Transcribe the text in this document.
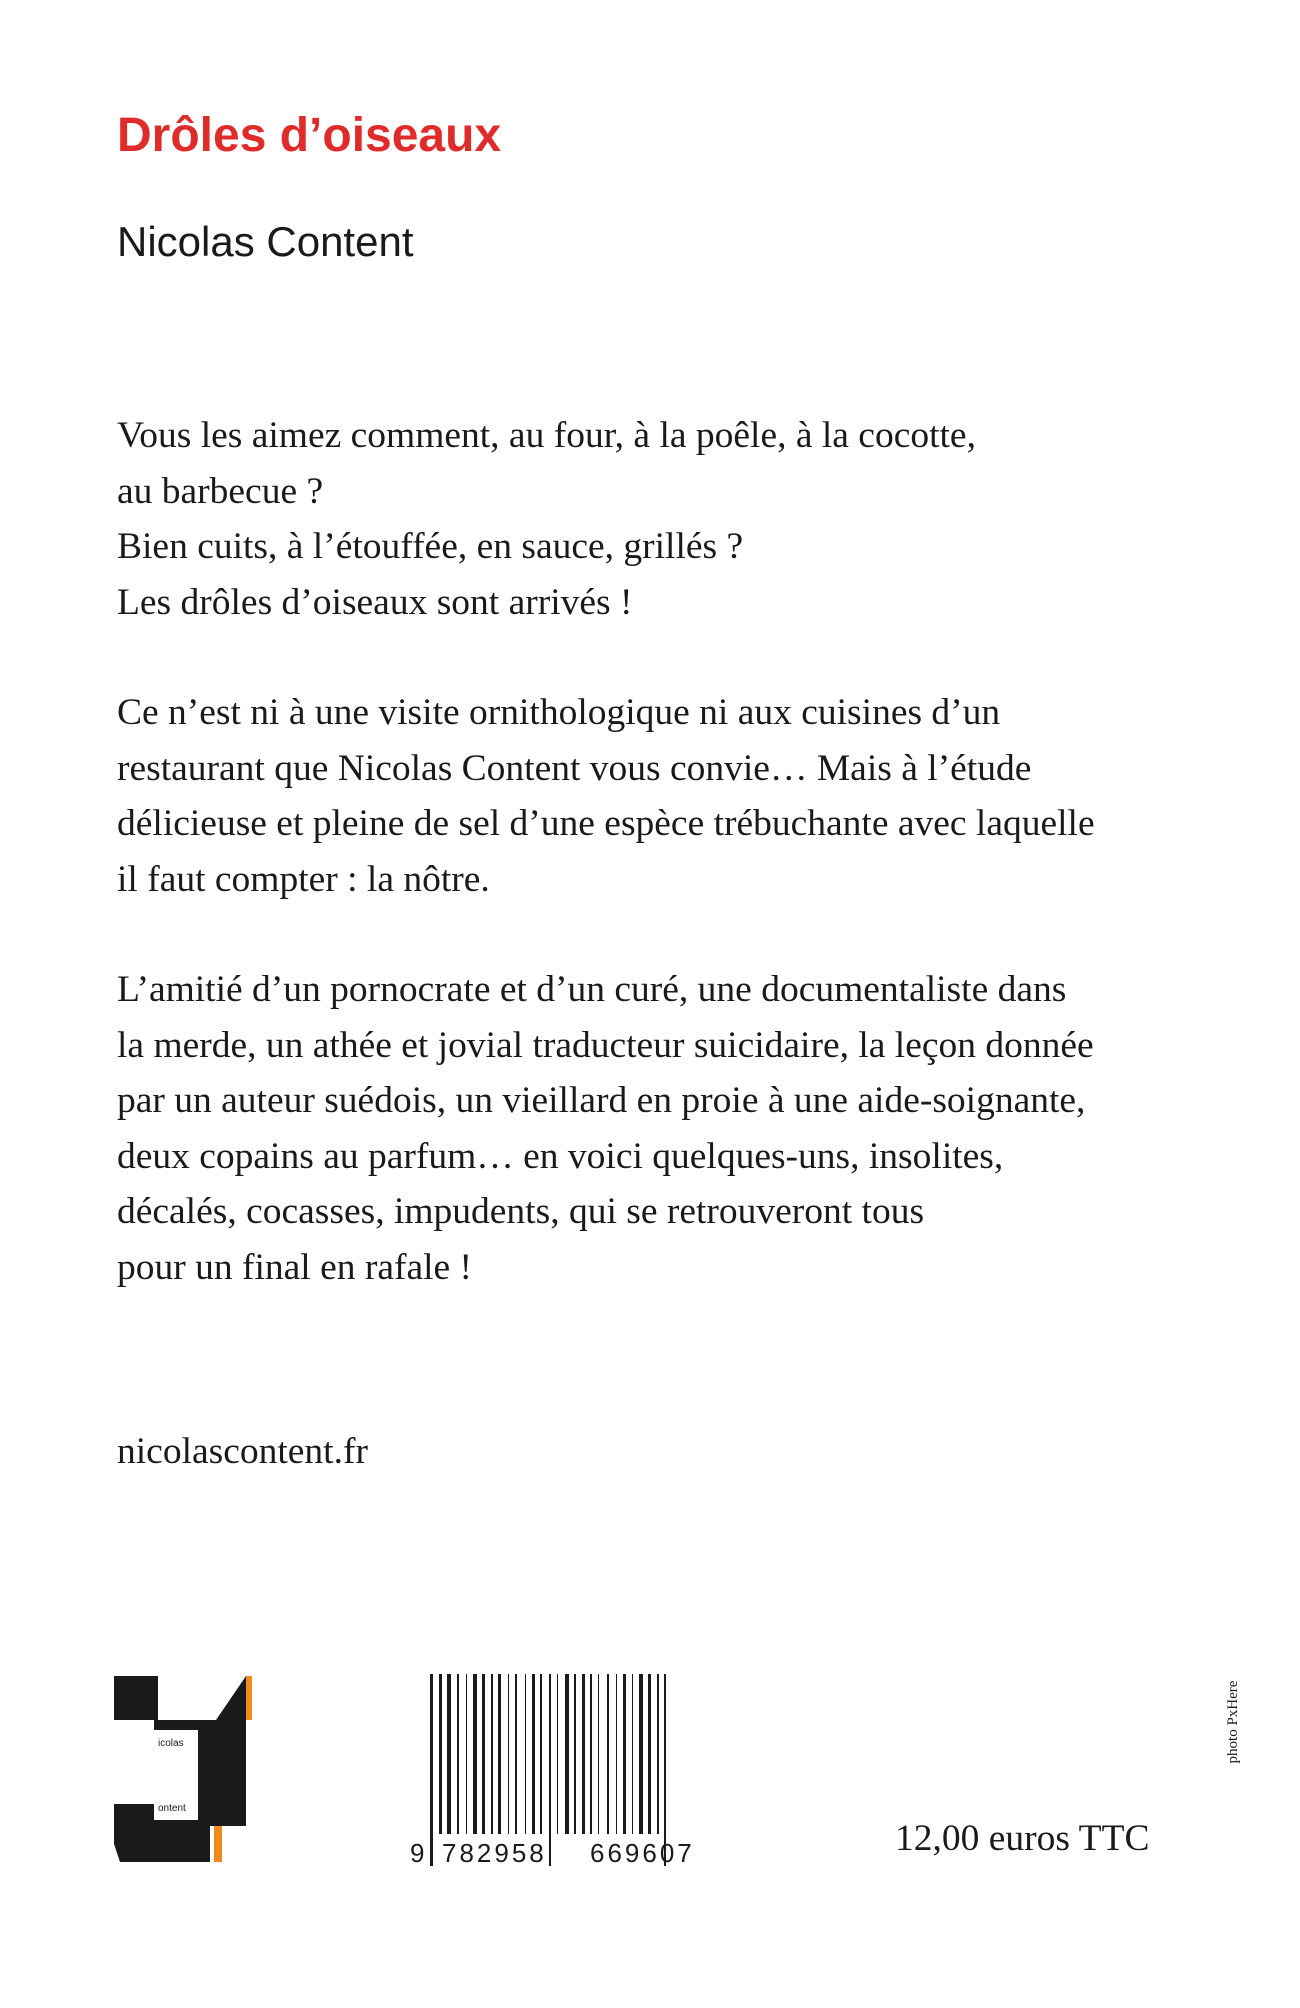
Drôles d’oiseaux
Nicolas Content

Vous les aimez comment, au four, à la poêle, à la cocotte,
au barbecue ?
Bien cuits, à l’étouffée, en sauce, grillés ?
Les drôles d’oiseaux sont arrivés !

Ce n’est ni à une visite ornithologique ni aux cuisines d’un
restaurant que Nicolas Content vous convie… Mais à l’étude
délicieuse et pleine de sel d’une espèce trébuchante avec laquelle
il faut compter : la nôtre.

L’amitié d’un pornocrate et d’un curé, une documentaliste dans
la merde, un athée et jovial traducteur suicidaire, la leçon donnée
par un auteur suédois, un vieillard en proie à une aide-soignante,
deux copains au parfum… en voici quelques-uns, insolites,
décalés, cocasses, impudents, qui se retrouveront tous
pour un final en rafale !

nicolascontent.fr
icolas
ontent
9 782958 669607	12,00 euros TTC
photo PxHere
